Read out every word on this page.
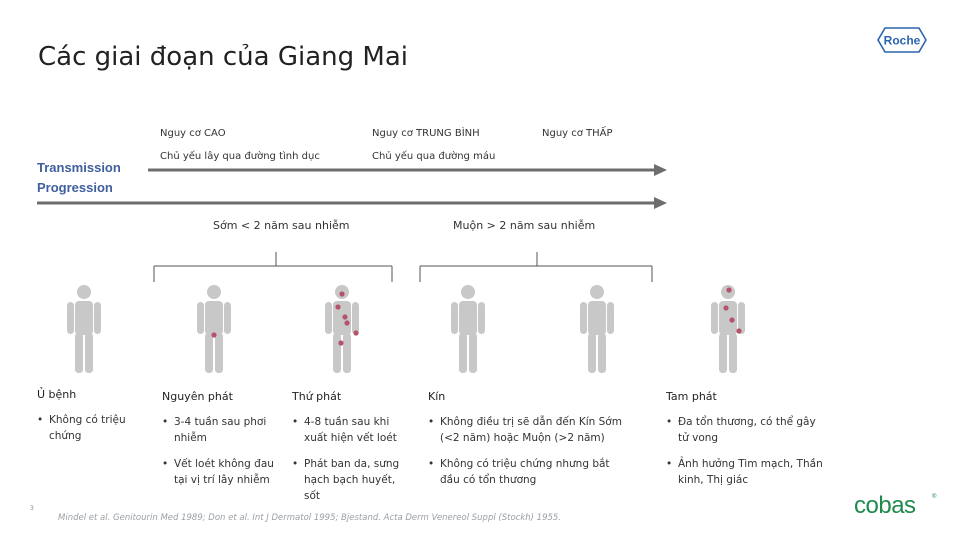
Các giai đoạn của Giang Mai
Roche
Nguy cơ CAO	Nguy cơ TRUNG BÌNH	Nguy cơ THẤP
Chủ yếu lây qua đường tình dục	Chủ yếu qua đường máu
Transmission
Progression
Sớm < 2 năm sau nhiễm	Muộn > 2 năm sau nhiễm
Ủ bệnh	Nguyên phát	Thứ phát	Kín	Tam phát
• Không có triệu
chứng
• 3-4 tuần sau phơi
nhiễm
• Vết loét không đau
tại vị trí lây nhiễm
• 4-8 tuần sau khi
xuất hiện vết loét
• Phát ban da, sưng
hạch bạch huyết,
sốt
• Không điều trị sẽ dẫn đến Kín Sớm
(<2 năm) hoặc Muộn (>2 năm)
• Không có triệu chứng nhưng bắt
đầu có tổn thương
• Đa tổn thương, có thể gây
tử vong
• Ảnh hưởng Tim mạch, Thần
kinh, Thị giác
3
Mindel et al. Genitourin Med 1989; Don et al. Int J Dermatol 1995; Bjestand. Acta Derm Venereol Suppl (Stockh) 1955.	cobas	®
